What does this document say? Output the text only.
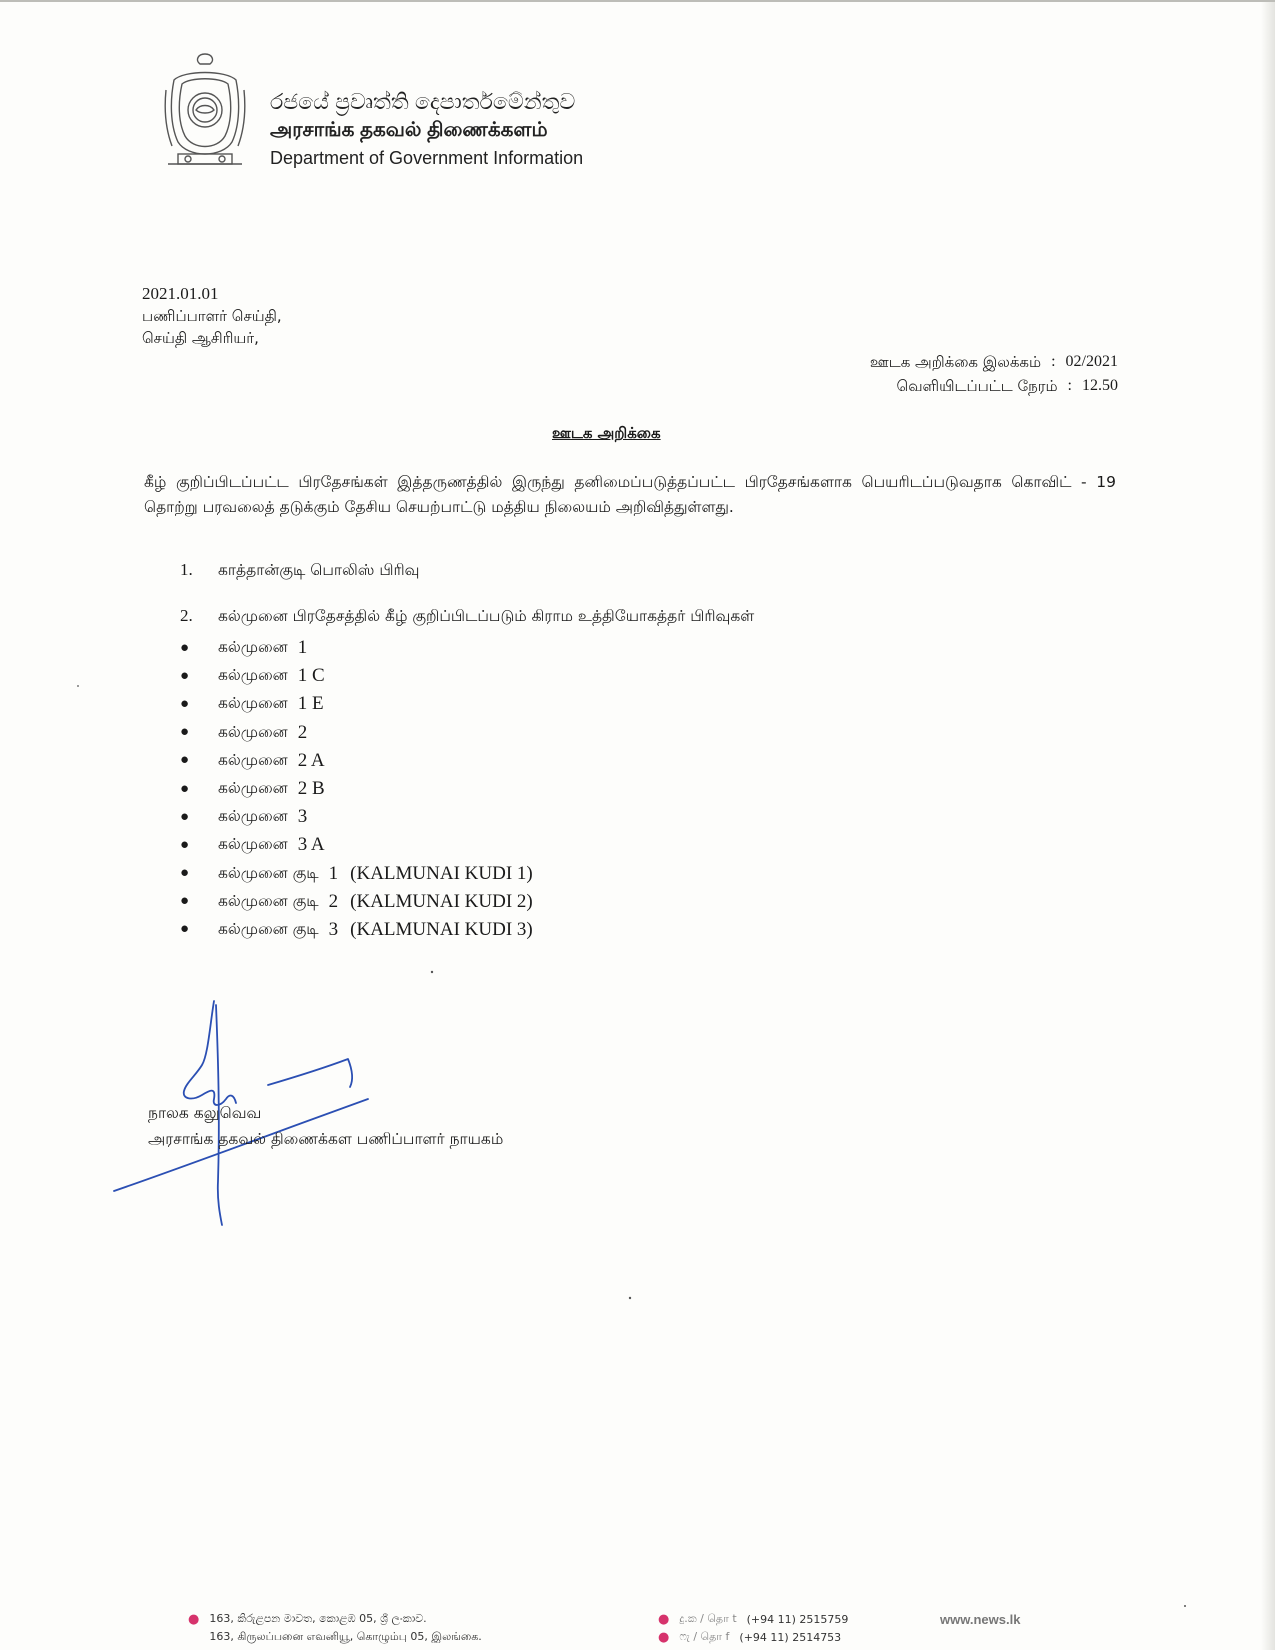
රජයේ ප්‍රවෘත්ති දෙපාර්තමේන්තුව
அரசாங்க தகவல் திணைக்களம்
Department of Government Information
2021.01.01
பணிப்பாளர் செய்தி,
செய்தி ஆசிரியர்,
ஊடக அறிக்கை இலக்கம் : 02/2021
வெளியிடப்பட்ட நேரம் : 12.50
ஊடக அறிக்கை
கீழ் குறிப்பிடப்பட்ட பிரதேசங்கள் இத்தருணத்தில் இருந்து தனிமைப்படுத்தப்பட்ட பிரதேசங்களாக பெயரிடப்படுவதாக கொவிட் - 19 தொற்று பரவலைத் தடுக்கும் தேசிய செயற்பாட்டு மத்திய நிலையம் அறிவித்துள்ளது.
1. காத்தான்குடி பொலிஸ் பிரிவு
2. கல்முனை பிரதேசத்தில் கீழ் குறிப்பிடப்படும் கிராம உத்தியோகத்தர் பிரிவுகள்
●	கல்முனை 1
●	கல்முனை 1 C
●	கல்முனை 1 E
●	கல்முனை 2
●	கல்முனை 2 A
●	கல்முனை 2 B
●	கல்முனை 3
●	கல்முனை 3 A
●	கல்முனை குடி 1 (KALMUNAI KUDI 1)
●	கல்முனை குடி 2 (KALMUNAI KUDI 2)
●	கல்முனை குடி 3 (KALMUNAI KUDI 3)
நாலக கலுவெவ
அரசாங்க தகவல் திணைக்கள பணிப்பாளர் நாயகம்
● 163, කිරුළපන මාවත, කොළඹ 05, ශ්‍රී ලංකාව.
163, கிருலப்பனை எவனியூ, கொழும்பு 05, இலங்கை.
● දු.ක / தொ t (+94 11) 2515759
● ෆැ / தொ f (+94 11) 2514753
www.news.lk
